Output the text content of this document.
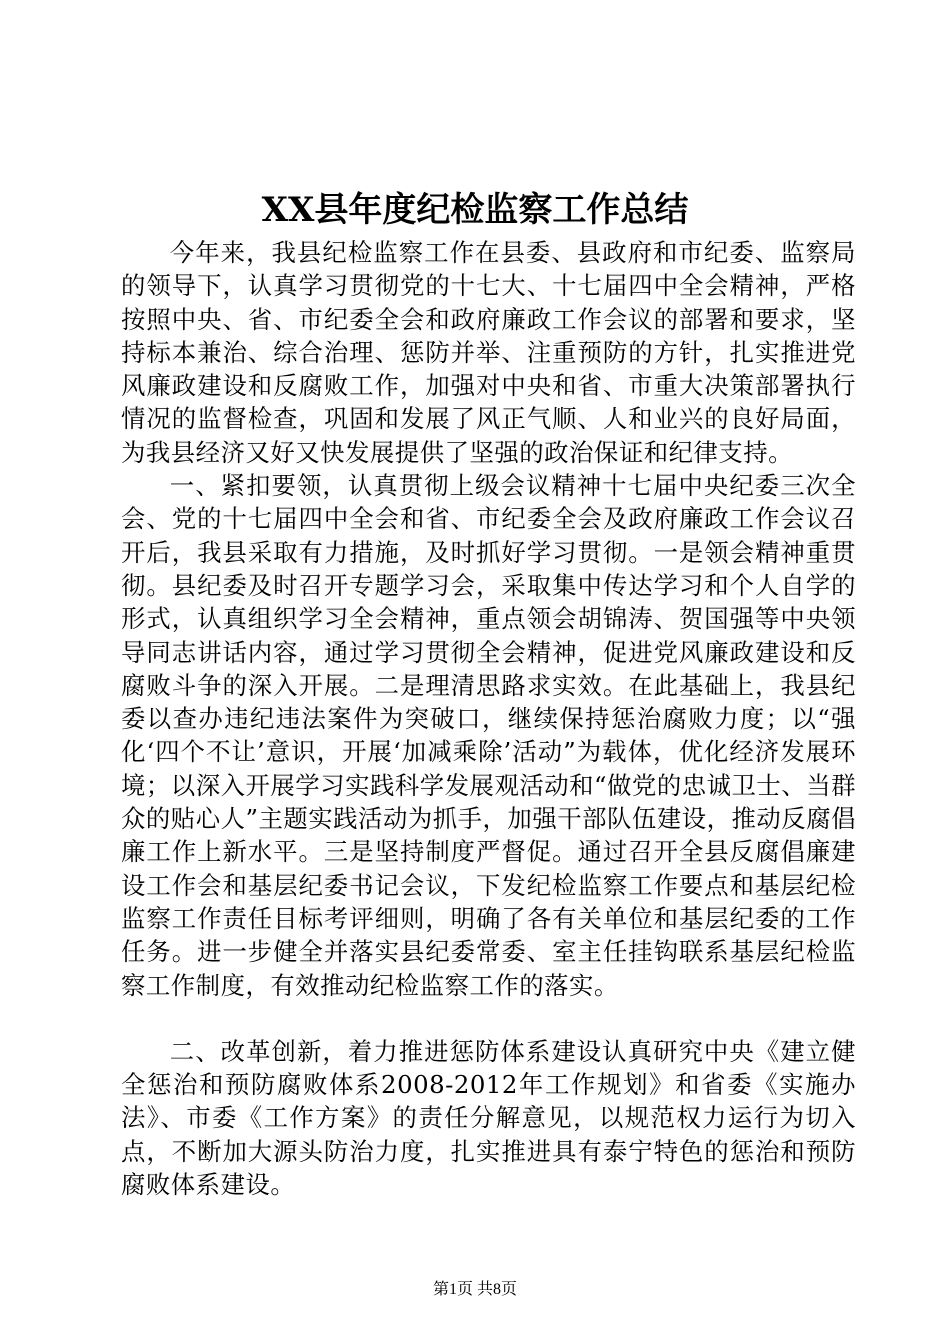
XX县年度纪检监察工作总结

今年来，我县纪检监察工作在县委、县政府和市纪委、监察局的领导下，认真学习贯彻党的十七大、十七届四中全会精神，严格按照中央、省、市纪委全会和政府廉政工作会议的部署和要求，坚持标本兼治、综合治理、惩防并举、注重预防的方针，扎实推进党风廉政建设和反腐败工作，加强对中央和省、市重大决策部署执行情况的监督检查，巩固和发展了风正气顺、人和业兴的良好局面，为我县经济又好又快发展提供了坚强的政治保证和纪律支持。

一、紧扣要领，认真贯彻上级会议精神十七届中央纪委三次全会、党的十七届四中全会和省、市纪委全会及政府廉政工作会议召开后，我县采取有力措施，及时抓好学习贯彻。一是领会精神重贯彻。县纪委及时召开专题学习会，采取集中传达学习和个人自学的形式，认真组织学习全会精神，重点领会胡锦涛、贺国强等中央领导同志讲话内容，通过学习贯彻全会精神，促进党风廉政建设和反腐败斗争的深入开展。二是理清思路求实效。在此基础上，我县纪委以查办违纪违法案件为突破口，继续保持惩治腐败力度；以“强化‘四个不让’意识，开展‘加减乘除’活动”为载体，优化经济发展环境；以深入开展学习实践科学发展观活动和“做党的忠诚卫士、当群众的贴心人”主题实践活动为抓手，加强干部队伍建设，推动反腐倡廉工作上新水平。三是坚持制度严督促。通过召开全县反腐倡廉建设工作会和基层纪委书记会议，下发纪检监察工作要点和基层纪检监察工作责任目标考评细则，明确了各有关单位和基层纪委的工作任务。进一步健全并落实县纪委常委、室主任挂钩联系基层纪检监察工作制度，有效推动纪检监察工作的落实。

二、改革创新，着力推进惩防体系建设认真研究中央《建立健全惩治和预防腐败体系2008-2012年工作规划》和省委《实施办法》、市委《工作方案》的责任分解意见，以规范权力运行为切入点，不断加大源头防治力度，扎实推进具有泰宁特色的惩治和预防腐败体系建设。

第1页 共8页
